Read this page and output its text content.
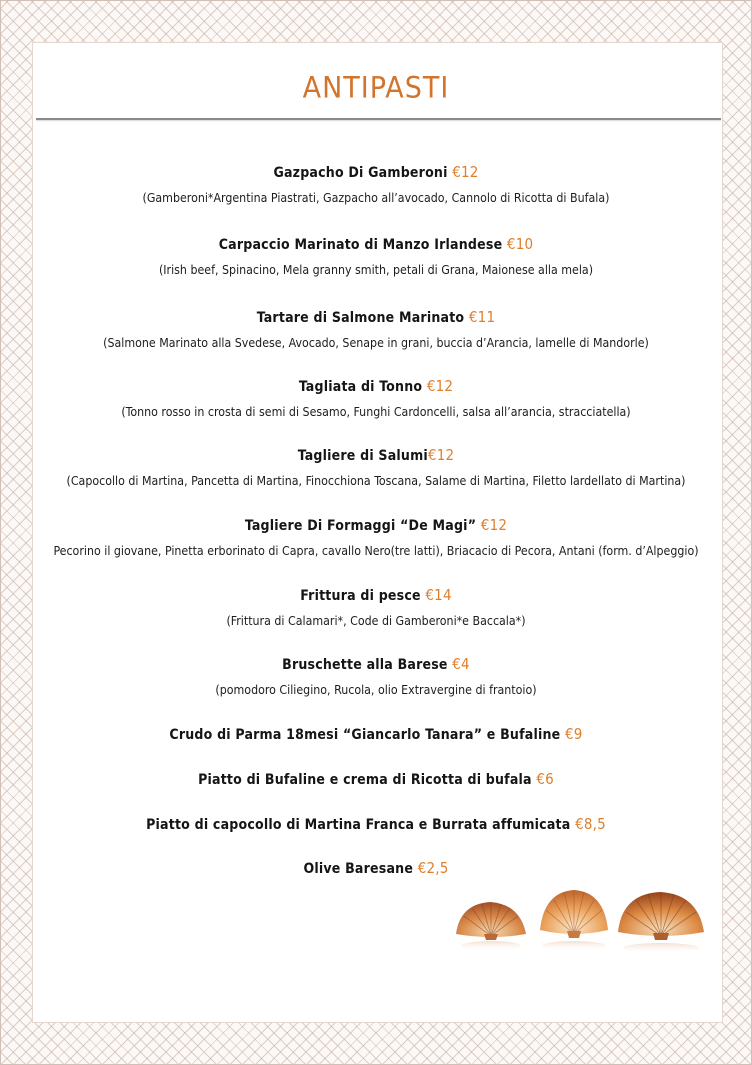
ANTIPASTI
Gazpacho Di Gamberoni €12
(Gamberoni*Argentina Piastrati, Gazpacho all’avocado, Cannolo di Ricotta di Bufala)
Carpaccio Marinato di Manzo Irlandese €10
(Irish beef, Spinacino, Mela granny smith, petali di Grana, Maionese alla mela)
Tartare di Salmone Marinato €11
(Salmone Marinato alla Svedese, Avocado, Senape in grani, buccia d’Arancia, lamelle di Mandorle)
Tagliata di Tonno €12
(Tonno rosso in crosta di semi di Sesamo, Funghi Cardoncelli, salsa all’arancia, stracciatella)
Tagliere di Salumi€12
(Capocollo di Martina, Pancetta di Martina, Finocchiona Toscana, Salame di Martina, Filetto lardellato di Martina)
Tagliere Di Formaggi “De Magi” €12
Pecorino il giovane, Pinetta erborinato di Capra, cavallo Nero(tre latti), Briacacio di Pecora, Antani (form. d’Alpeggio)
Frittura di pesce €14
(Frittura di Calamari*, Code di Gamberoni*e Baccala*)
Bruschette alla Barese €4
(pomodoro Ciliegino, Rucola, olio Extravergine di frantoio)
Crudo di Parma 18mesi “Giancarlo Tanara” e Bufaline €9
Piatto di Bufaline e crema di Ricotta di bufala €6
Piatto di capocollo di Martina Franca e Burrata affumicata €8,5
Olive Baresane €2,5
